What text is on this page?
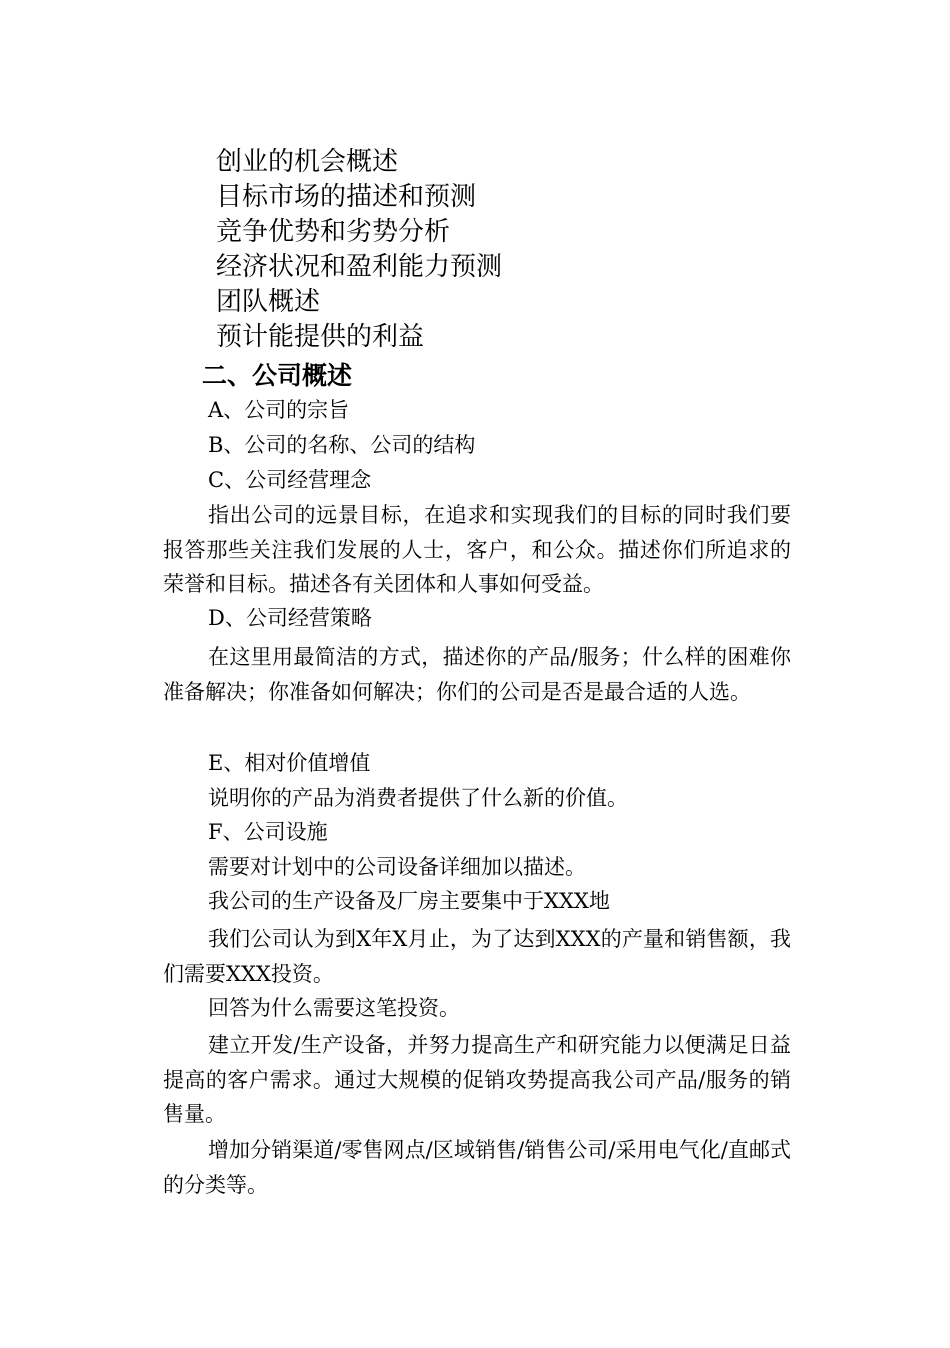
创业的机会概述
目标市场的描述和预测
竞争优势和劣势分析
经济状况和盈利能力预测
团队概述
预计能提供的利益
二、公司概述
A、公司的宗旨
B、公司的名称、公司的结构
C、公司经营理念

指出公司的远景目标，在追求和实现我们的目标的同时我们要报答那些关注我们发展的人士，客户，和公众。描述你们所追求的荣誉和目标。描述各有关团体和人事如何受益。

D、公司经营策略

在这里用最简洁的方式，描述你的产品/服务；什么样的困难你准备解决；你准备如何解决；你们的公司是否是最合适的人选。

E、相对价值增值

说明你的产品为消费者提供了什么新的价值。

F、公司设施

需要对计划中的公司设备详细加以描述。

我公司的生产设备及厂房主要集中于XXX地

我们公司认为到X年X月止，为了达到XXX的产量和销售额，我们需要XXX投资。

回答为什么需要这笔投资。

建立开发/生产设备，并努力提高生产和研究能力以便满足日益提高的客户需求。通过大规模的促销攻势提高我公司产品/服务的销售量。

增加分销渠道/零售网点/区域销售/销售公司/采用电气化/直邮式的分类等。
